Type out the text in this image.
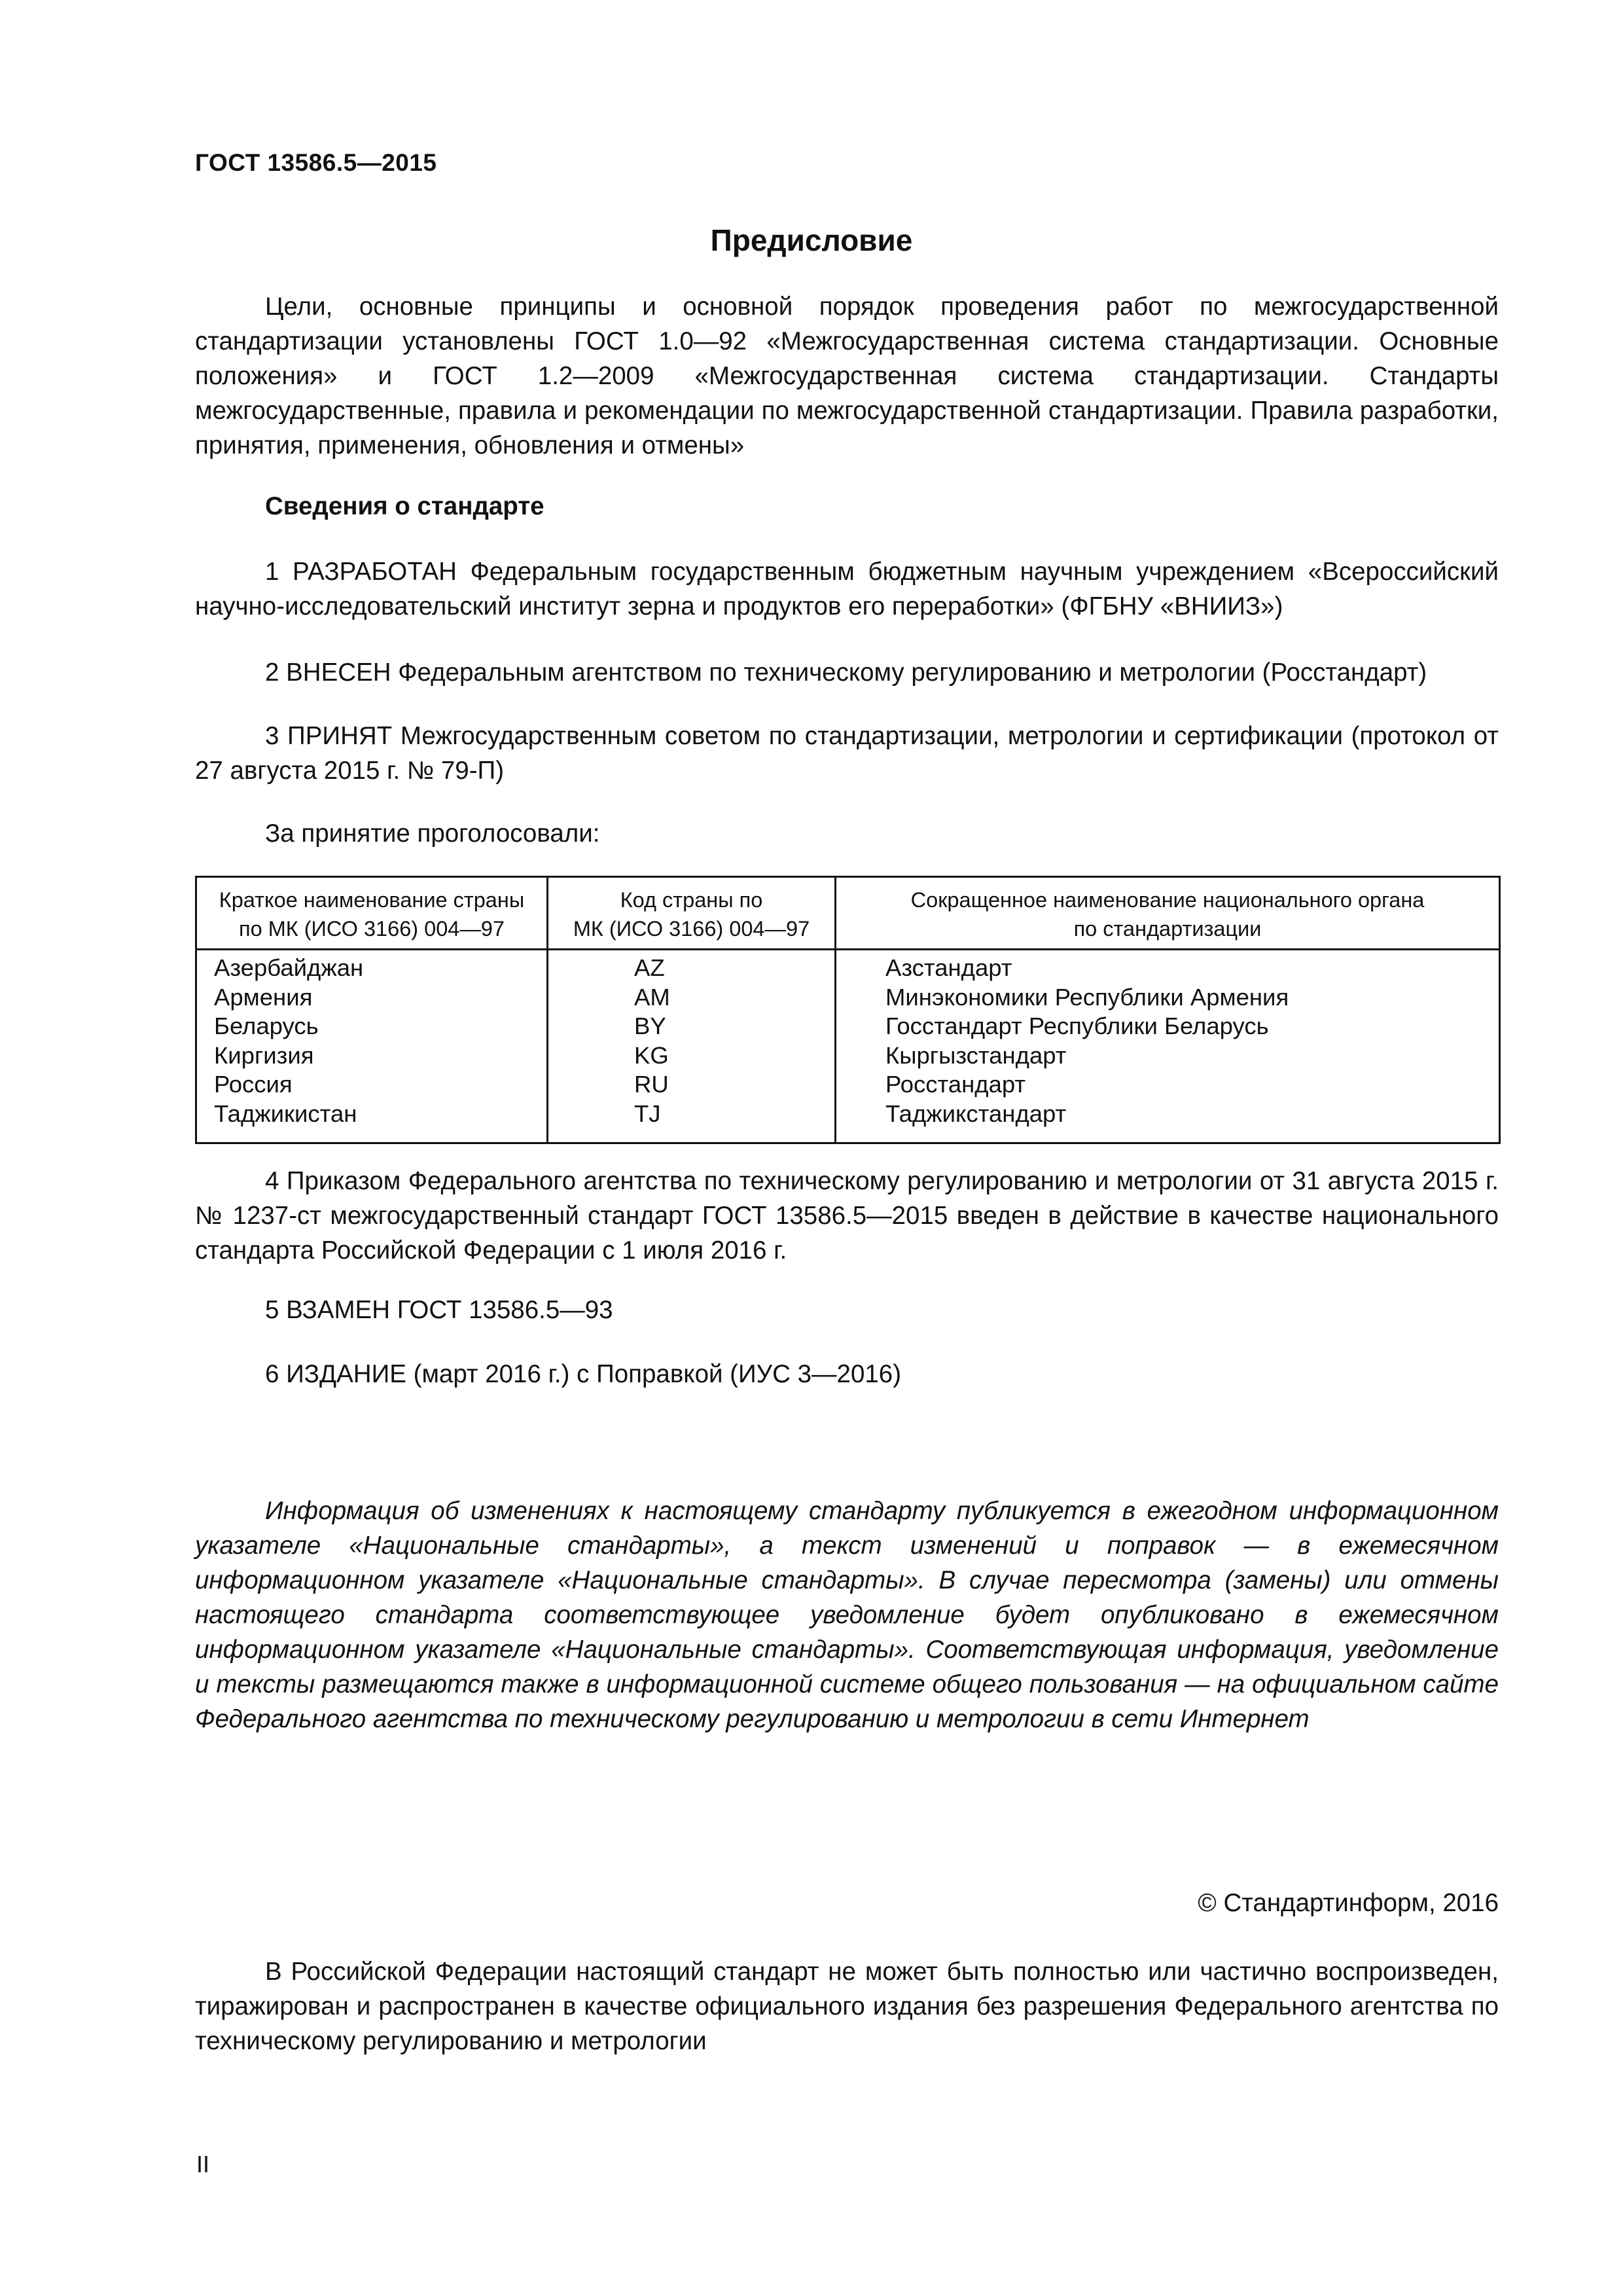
ГОСТ 13586.5—2015
Предисловие

Цели, основные принципы и основной порядок проведения работ по межгосударственной стандартизации установлены ГОСТ 1.0—92 «Межгосударственная система стандартизации. Основные положения» и ГОСТ 1.2—2009 «Межгосударственная система стандартизации. Стандарты межгосударственные, правила и рекомендации по межгосударственной стандартизации. Правила разработки, принятия, применения, обновления и отмены»

Сведения о стандарте

1 РАЗРАБОТАН Федеральным государственным бюджетным научным учреждением «Всероссийский научно-исследовательский институт зерна и продуктов его переработки» (ФГБНУ «ВНИИЗ»)

2 ВНЕСЕН Федеральным агентством по техническому регулированию и метрологии (Росстандарт)

3 ПРИНЯТ Межгосударственным советом по стандартизации, метрологии и сертификации (протокол от 27 августа 2015 г. № 79-П)

За принятие проголосовали:
Краткое наименование страны
по МК (ИСО 3166) 004—97
Код страны по
МК (ИСО 3166) 004—97
Сокращенное наименование национального органа
по стандартизации
Азербайджан
Армения
Беларусь
Киргизия
Россия
Таджикистан
AZ
AM
BY
KG
RU
TJ
Азстандарт
Минэкономики Республики Армения
Госстандарт Республики Беларусь
Кыргызстандарт
Росстандарт
Таджикстандарт

4 Приказом Федерального агентства по техническому регулированию и метрологии от 31 августа 2015 г. № 1237-ст межгосударственный стандарт ГОСТ 13586.5—2015 введен в действие в качестве национального стандарта Российской Федерации с 1 июля 2016 г.

5 ВЗАМЕН ГОСТ 13586.5—93
6 ИЗДАНИЕ (март 2016 г.) с Поправкой (ИУС 3—2016)

Информация об изменениях к настоящему стандарту публикуется в ежегодном информационном указателе «Национальные стандарты», а текст изменений и поправок — в ежемесячном информационном указателе «Национальные стандарты». В случае пересмотра (замены) или отмены настоящего стандарта соответствующее уведомление будет опубликовано в ежемесячном информационном указателе «Национальные стандарты». Соответствующая информация, уведомление и тексты размещаются также в информационной системе общего пользования — на официальном сайте Федерального агентства по техническому регулированию и метрологии в сети Интернет

© Стандартинформ, 2016

В Российской Федерации настоящий стандарт не может быть полностью или частично воспроизведен, тиражирован и распространен в качестве официального издания без разрешения Федерального агентства по техническому регулированию и метрологии

II
